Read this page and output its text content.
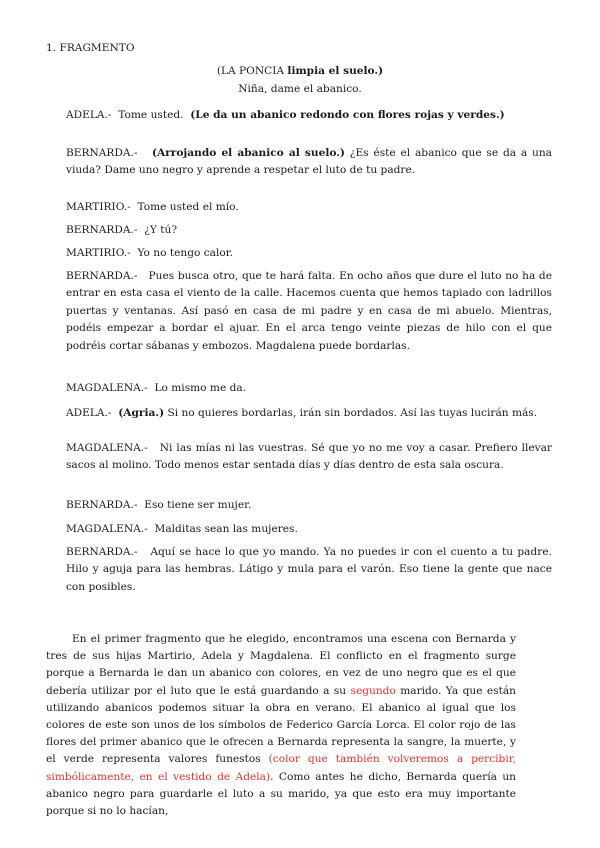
1. FRAGMENTO
(LA PONCIA limpia el suelo.)
Niña, dame el abanico.
ADELA.-  Tome usted.  (Le da un abanico redondo con flores rojas y verdes.)
BERNARDA.-   (Arrojando el abanico al suelo.) ¿Es éste el abanico que se da a una viuda? Dame uno negro y aprende a respetar el luto de tu padre.
MARTIRIO.-  Tome usted el mío.
BERNARDA.-  ¿Y tú?
MARTIRIO.-  Yo no tengo calor.
BERNARDA.-   Pues busca otro, que te hará falta. En ocho años que dure el luto no ha de entrar en esta casa el viento de la calle. Hacemos cuenta que hemos tapiado con ladrillos puertas y ventanas. Así pasó en casa de mi padre y en casa de mi abuelo. Mientras, podéis empezar a bordar el ajuar. En el arca tengo veinte piezas de hilo con el que podréis cortar sábanas y embozos. Magdalena puede bordarlas.
MAGDALENA.-  Lo mismo me da.
ADELA.-  (Agria.) Si no quieres bordarlas, irán sin bordados. Así las tuyas lucirán más.
MAGDALENA.-   Ni las mías ni las vuestras. Sé que yo no me voy a casar. Prefiero llevar sacos al molino. Todo menos estar sentada días y días dentro de esta sala oscura.
BERNARDA.-  Eso tiene ser mujer.
MAGDALENA.-  Malditas sean las mujeres.
BERNARDA.-   Aquí se hace lo que yo mando. Ya no puedes ir con el cuento a tu padre. Hilo y aguja para las hembras. Látigo y mula para el varón. Eso tiene la gente que nace con posibles.
En el primer fragmento que he elegido, encontramos una escena con Bernarda y tres de sus hijas Martirio, Adela y Magdalena. El conflicto en el fragmento surge porque a Bernarda le dan un abanico con colores, en vez de uno negro que es el que debería utilizar por el luto que le está guardando a su segundo marido. Ya que están utilizando abanicos podemos situar la obra en verano. El abanico al igual que los colores de este son unos de los símbolos de Federico García Lorca. El color rojo de las flores del primer abanico que le ofrecen a Bernarda representa la sangre, la muerte, y el verde representa valores funestos (color que también volveremos a percibir, simbólicamente, en el vestido de Adela). Como antes he dicho, Bernarda quería un abanico negro para guardarle el luto a su marido, ya que esto era muy importante porque si no lo hacían,
